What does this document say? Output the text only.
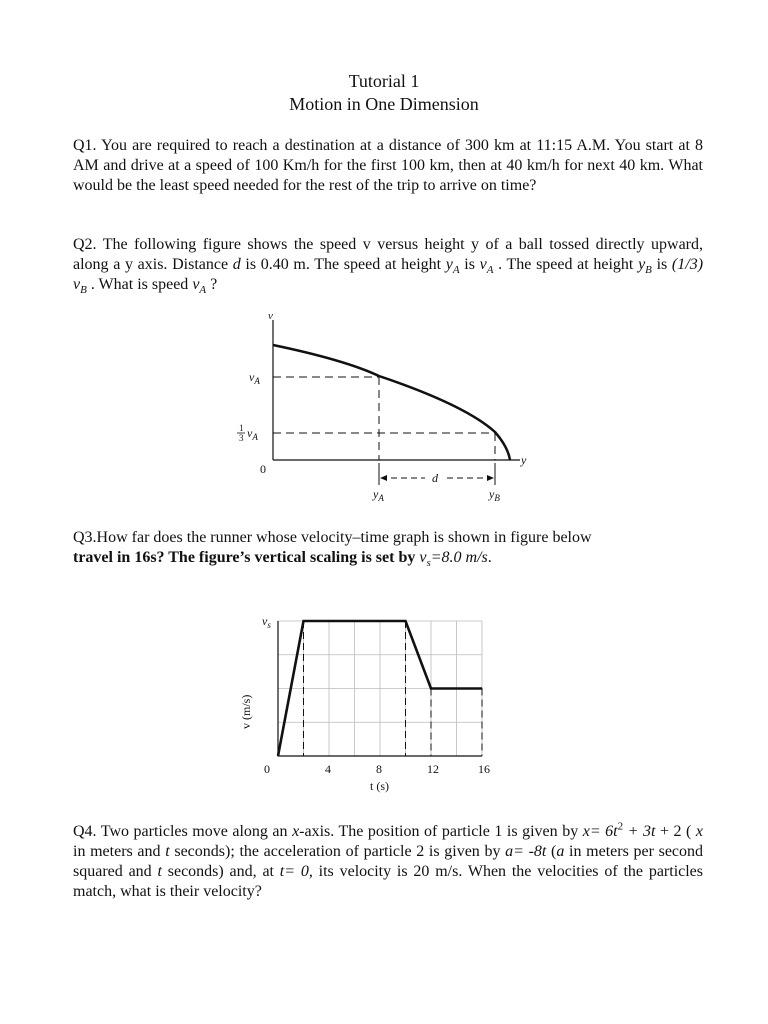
Tutorial 1
Motion in One Dimension
Q1. You are required to reach a destination at a distance of 300 km at 11:15 A.M. You start at 8 AM and drive at a speed of 100 Km/h for the first 100 km, then at 40 km/h for next 40 km. What would be the least speed needed for the rest of the trip to arrive on time?
Q2. The following figure shows the speed v versus height y of a ball tossed directly upward, along a y axis. Distance d is 0.40 m. The speed at height $y_A$ is $v_A$ . The speed at height $y_B$ is (1/3) $v_B$ . What is speed $v_A$ ?
v
y
0
$v_A$
1
3 $v_A$
$y_A$	$y_B$
d
Q3.How far does the runner whose velocity–time graph is shown in figure below
travel in 16s? The figure’s vertical scaling is set by $v_s=8.0$ m/s.
0	4	8	12	16
t (s)
v (m/s)
$v_s$
Q4. Two particles move along an x-axis. The position of particle 1 is given by $x= 6t^2 + 3t + 2$ ( x in meters and t seconds); the acceleration of particle 2 is given by a= -8t (a in meters per second squared and t seconds) and, at t= 0, its velocity is 20 m/s. When the velocities of the particles match, what is their velocity?
